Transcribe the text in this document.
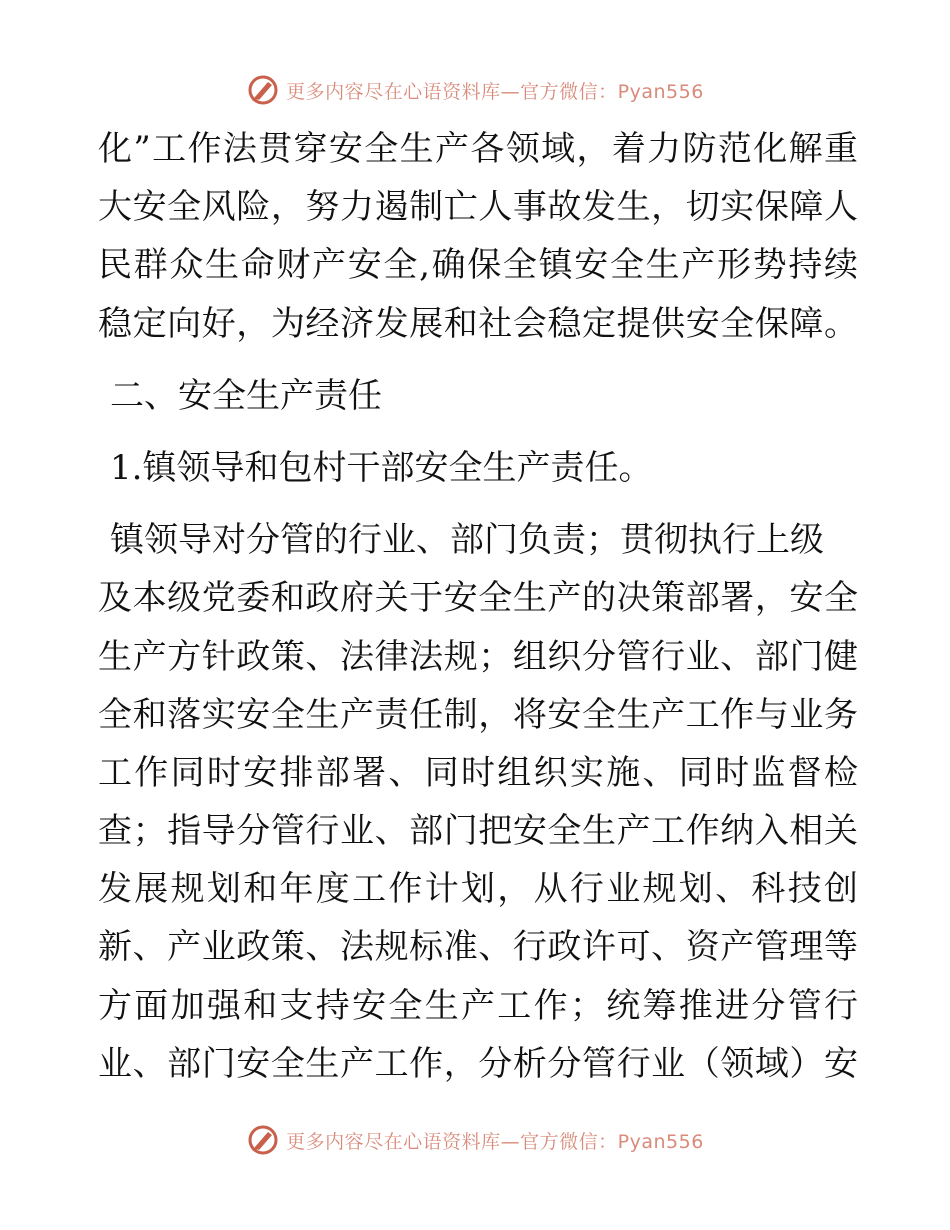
更多内容尽在心语资料库—官方微信：Pyan556
化”工作法贯穿安全生产各领域，着力防范化解重
大安全风险，努力遏制亡人事故发生，切实保障人
民群众生命财产安全,确保全镇安全生产形势持续
稳定向好，为经济发展和社会稳定提供安全保障。
二、安全生产责任
1.镇领导和包村干部安全生产责任。
镇领导对分管的行业、部门负责；贯彻执行上级
及本级党委和政府关于安全生产的决策部署，安全
生产方针政策、法律法规；组织分管行业、部门健
全和落实安全生产责任制，将安全生产工作与业务
工作同时安排部署、同时组织实施、同时监督检
查；指导分管行业、部门把安全生产工作纳入相关
发展规划和年度工作计划，从行业规划、科技创
新、产业政策、法规标准、行政许可、资产管理等
方面加强和支持安全生产工作；统筹推进分管行
业、部门安全生产工作，分析分管行业（领域）安
更多内容尽在心语资料库—官方微信：Pyan556
